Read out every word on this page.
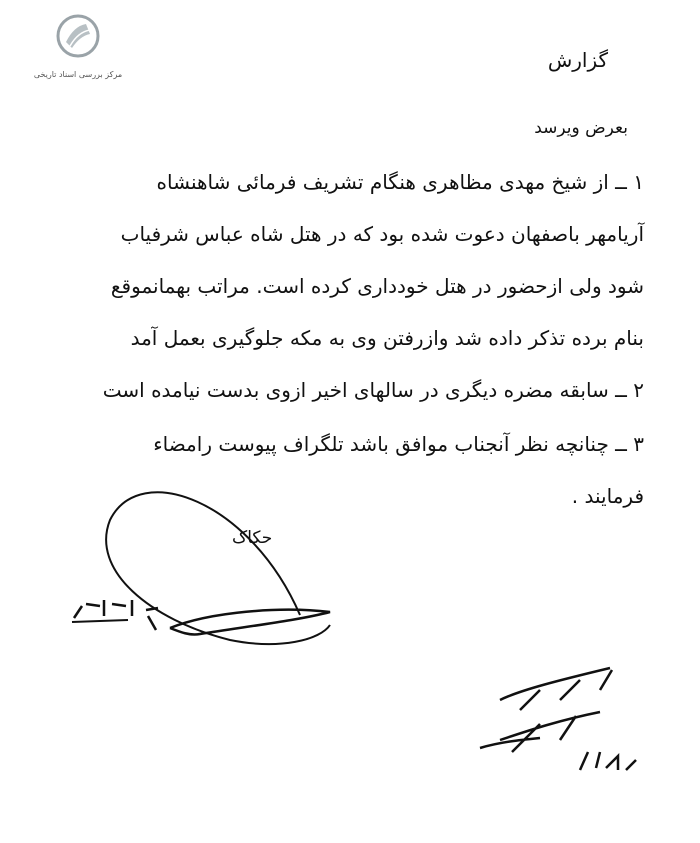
مرکز بررسی اسناد تاریخی
گزارش
بعرض ویرسد
۱ ــ از شیخ مهدی مظاهری هنگام تشریف فرمائی شاهنشاه
آریامهر باصفهان دعوت شده بود که در هتل شاه عباس شرفیاب
شود ولی ازحضور در هتل خودداری کرده است. مراتب بهمانموقع
بنام برده تذکر داده شد وازرفتن وی به مکه جلوگیری بعمل آمد
۲ ــ سابقه مضره دیگری در سالهای اخیر ازوی بدست نیامده است
۳ ــ چنانچه نظر آنجناب موافق باشد تلگراف پیوست رامضاء
فرمایند .
حکاک
